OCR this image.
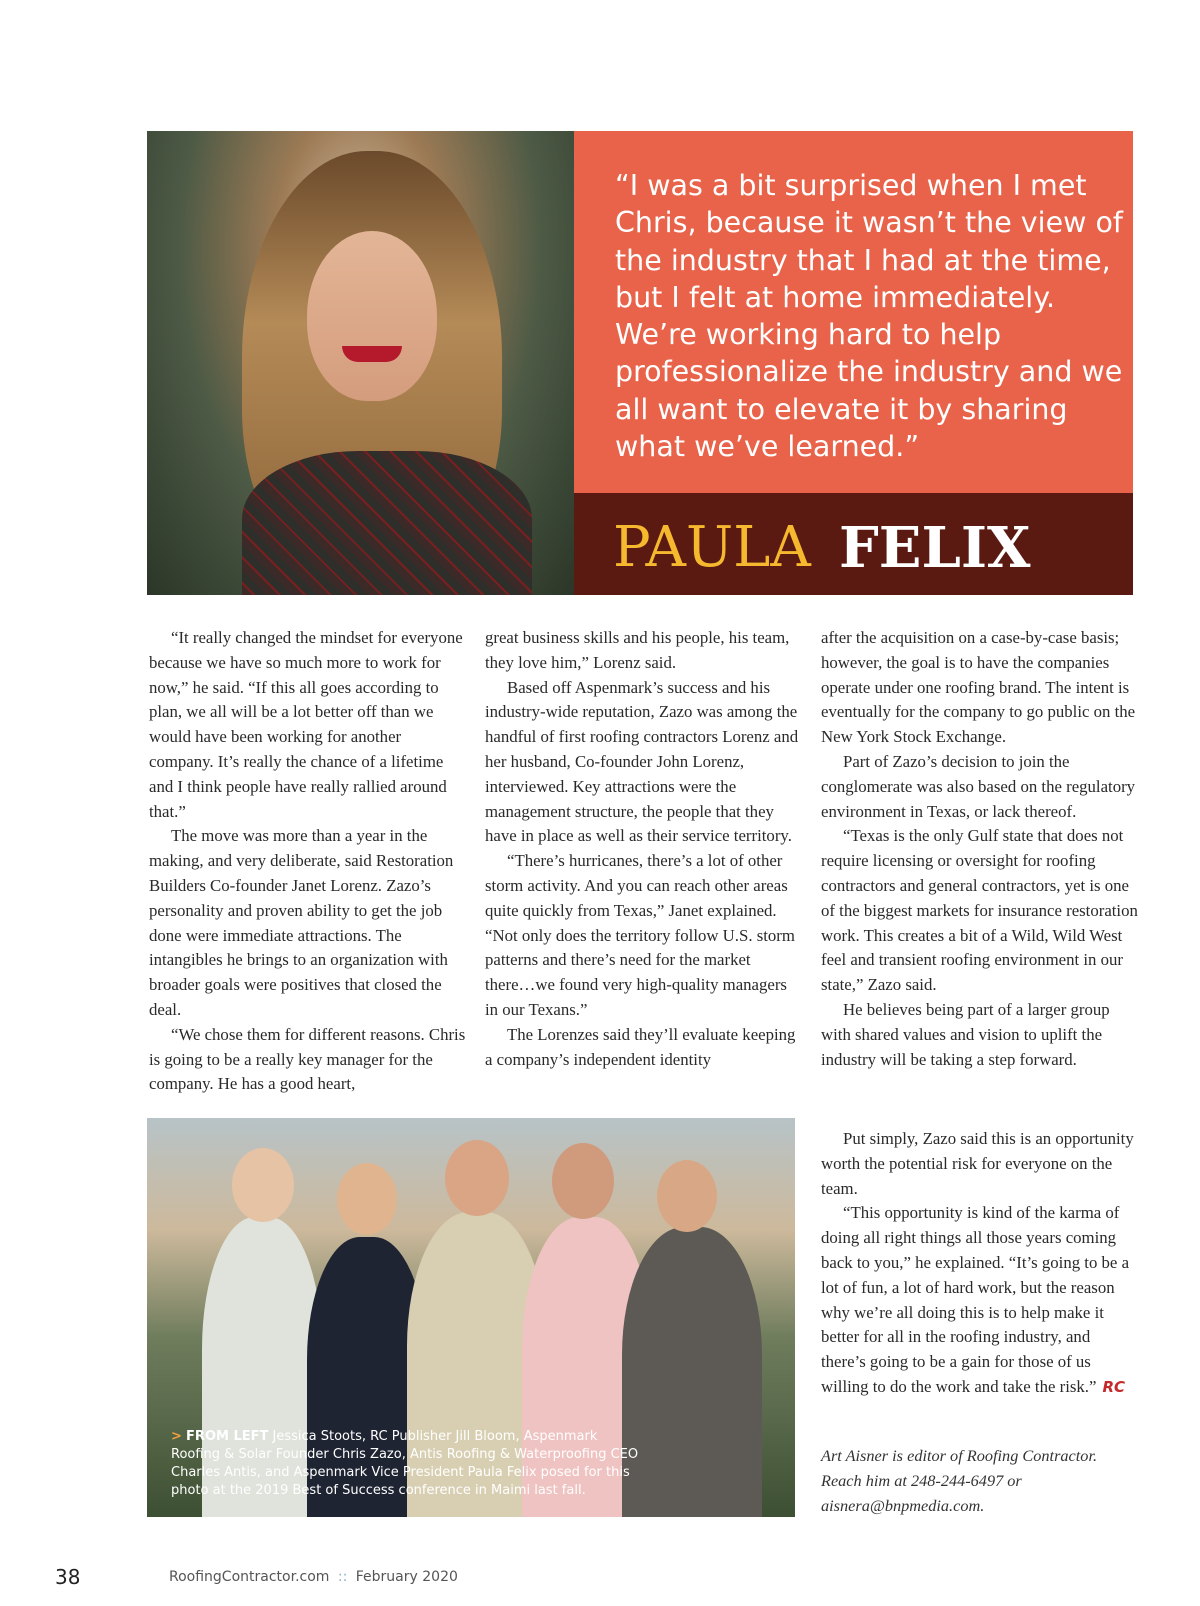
“I was a bit surprised when I met Chris, because it wasn’t the view of the industry that I had at the time, but I felt at home immediately. We’re working hard to help professionalize the industry and we all want to elevate it by sharing what we’ve learned.”

PAULA FELIX

“It really changed the mindset for everyone because we have so much more to work for now,” he said. “If this all goes according to plan, we all will be a lot better off than we would have been working for another company. It’s really the chance of a lifetime and I think people have really rallied around that.”

The move was more than a year in the making, and very deliberate, said Restoration Builders Co-founder Janet Lorenz. Zazo’s personality and proven ability to get the job done were immediate attractions. The intangibles he brings to an organization with broader goals were positives that closed the deal.

“We chose them for different reasons. Chris is going to be a really key manager for the company. He has a good heart,

great business skills and his people, his team, they love him,” Lorenz said.

Based off Aspenmark’s success and his industry-wide reputation, Zazo was among the handful of first roofing contractors Lorenz and her husband, Co-founder John Lorenz, interviewed. Key attractions were the management structure, the people that they have in place as well as their service territory.

“There’s hurricanes, there’s a lot of other storm activity. And you can reach other areas quite quickly from Texas,” Janet explained. “Not only does the territory follow U.S. storm patterns and there’s need for the market there…we found very high-quality managers in our Texans.”

The Lorenzes said they’ll evaluate keeping a company’s independent identity

after the acquisition on a case-by-case basis; however, the goal is to have the companies operate under one roofing brand. The intent is eventually for the company to go public on the New York Stock Exchange.

Part of Zazo’s decision to join the conglomerate was also based on the regulatory environment in Texas, or lack thereof.

“Texas is the only Gulf state that does not require licensing or oversight for roofing contractors and general contractors, yet is one of the biggest markets for insurance restoration work. This creates a bit of a Wild, Wild West feel and transient roofing environment in our state,” Zazo said.

He believes being part of a larger group with shared values and vision to uplift the industry will be taking a step forward.

Put simply, Zazo said this is an opportunity worth the potential risk for everyone on the team.

“This opportunity is kind of the karma of doing all right things all those years coming back to you,” he explained. “It’s going to be a lot of fun, a lot of hard work, but the reason why we’re all doing this is to help make it better for all in the roofing industry, and there’s going to be a gain for those of us willing to do the work and take the risk.” RC

Art Aisner is editor of Roofing Contractor. Reach him at 248-244-6497 or aisnera@bnpmedia.com.

> FROM LEFT Jessica Stoots, RC Publisher Jill Bloom, Aspenmark Roofing & Solar Founder Chris Zazo, Antis Roofing & Waterproofing CEO Charles Antis, and Aspenmark Vice President Paula Felix posed for this photo at the 2019 Best of Success conference in Maimi last fall.

38	RoofingContractor.com :: February 2020
